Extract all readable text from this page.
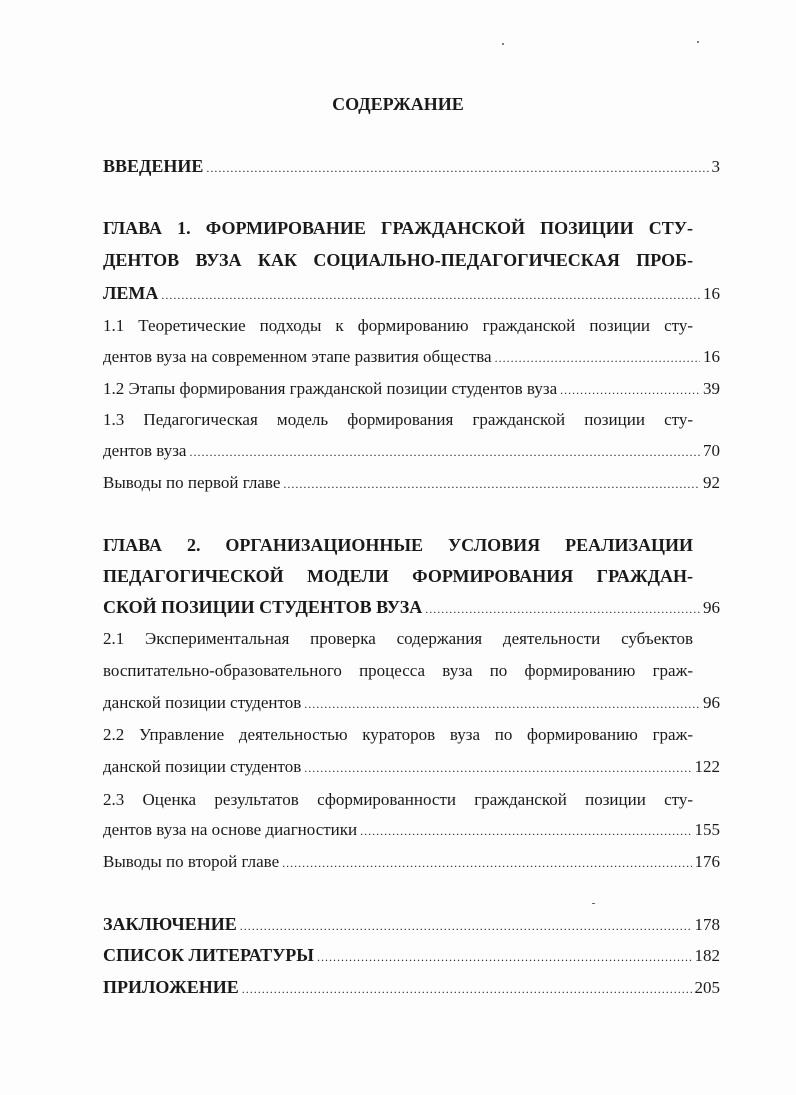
СОДЕРЖАНИЕ
ВВЕДЕНИЕ .....	3
ГЛАВА 1. ФОРМИРОВАНИЕ ГРАЖДАНСКОЙ ПОЗИЦИИ СТУ-
ДЕНТОВ ВУЗА КАК СОЦИАЛЬНО-ПЕДАГОГИЧЕСКАЯ ПРОБ-
ЛЕМА .....	16
1.1 Теоретические подходы к формированию гражданской позиции сту-
дентов вуза на современном этапе развития общества .....	16
1.2 Этапы формирования гражданской позиции студентов вуза .....	39
1.3 Педагогическая модель формирования гражданской позиции сту-
дентов вуза .....	70
Выводы по первой главе .....	92
ГЛАВА 2. ОРГАНИЗАЦИОННЫЕ УСЛОВИЯ РЕАЛИЗАЦИИ
ПЕДАГОГИЧЕСКОЙ МОДЕЛИ ФОРМИРОВАНИЯ ГРАЖДАН-
СКОЙ ПОЗИЦИИ СТУДЕНТОВ ВУЗА .....	96
2.1 Экспериментальная проверка содержания деятельности субъектов
воспитательно-образовательного процесса вуза по формированию граж-
данской позиции студентов .....	96
2.2 Управление деятельностью кураторов вуза по формированию граж-
данской позиции студентов .....	122
2.3 Оценка результатов сформированности гражданской позиции сту-
дентов вуза на основе диагностики .....	155
Выводы по второй главе .....	176
ЗАКЛЮЧЕНИЕ .....	178
СПИСОК ЛИТЕРАТУРЫ .....	182
ПРИЛОЖЕНИЕ .....	205
